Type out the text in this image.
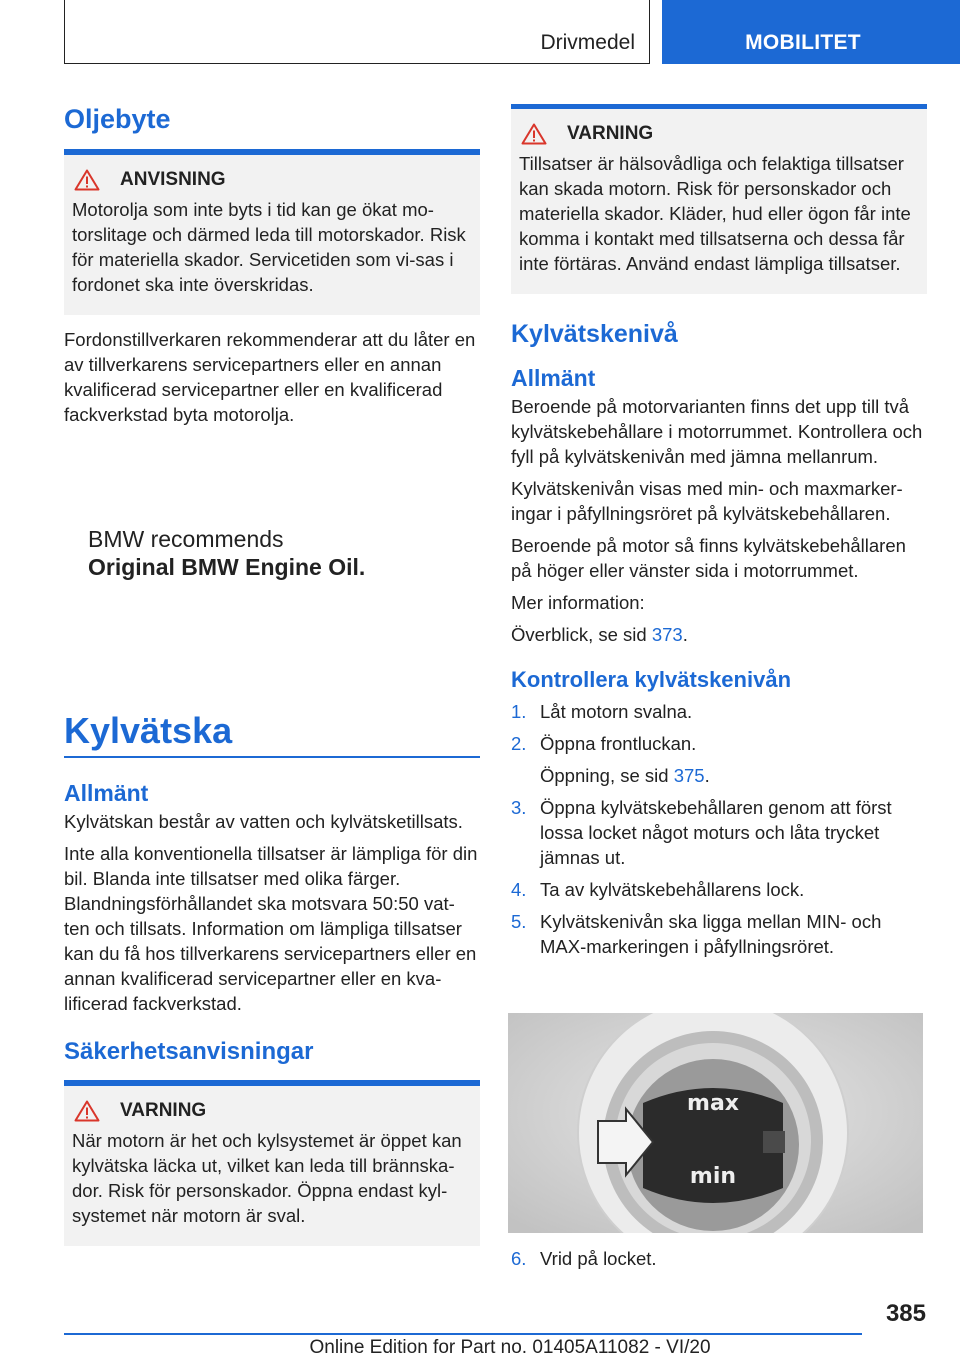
Drivmedel	MOBILITET
Oljebyte
ANVISNING
Motorolja som inte byts i tid kan ge ökat mo-torslitage och därmed leda till motorskador. Risk för materiella skador. Servicetiden som vi-sas i fordonet ska inte överskridas.
Fordonstillverkaren rekommenderar att du låter en av tillverkarens servicepartners eller en annan kvalificerad servicepartner eller en kvalificerad fackverkstad byta motorolja.
BMW recommends
Original BMW Engine Oil.
Kylvätska
Allmänt
Kylvätskan består av vatten och kylvätsketillsats.
Inte alla konventionella tillsatser är lämpliga för din bil. Blanda inte tillsatser med olika färger. Blandningsförhållandet ska motsvara 50:50 vat-ten och tillsats. Information om lämpliga tillsatser kan du få hos tillverkarens servicepartners eller en annan kvalificerad servicepartner eller en kva-lificerad fackverkstad.
Säkerhetsanvisningar
VARNING
När motorn är het och kylsystemet är öppet kan kylvätska läcka ut, vilket kan leda till brännska-dor. Risk för personskador. Öppna endast kyl-systemet när motorn är sval.
VARNING
Tillsatser är hälsovådliga och felaktiga tillsatser kan skada motorn. Risk för personskador och materiella skador. Kläder, hud eller ögon får inte komma i kontakt med tillsatserna och dessa får inte förtäras. Använd endast lämpliga tillsatser.
Kylvätskenivå
Allmänt
Beroende på motorvarianten finns det upp till två kylvätskebehållare i motorrummet. Kontrollera och fyll på kylvätskenivån med jämna mellanrum.
Kylvätskenivån visas med min- och maxmarker-ingar i påfyllningsröret på kylvätskebehållaren.
Beroende på motor så finns kylvätskebehållaren på höger eller vänster sida i motorrummet.
Mer information:
Överblick, se sid 373.
Kontrollera kylvätskenivån
1. Låt motorn svalna.
2. Öppna frontluckan.
Öppning, se sid 375.
3. Öppna kylvätskebehållaren genom att först lossa locket något moturs och låta trycket jämnas ut.
4. Ta av kylvätskebehållarens lock.
5. Kylvätskenivån ska ligga mellan MIN- och MAX-markeringen i påfyllningsröret.
max
min
6. Vrid på locket.
385
Online Edition for Part no. 01405A11082 - VI/20
